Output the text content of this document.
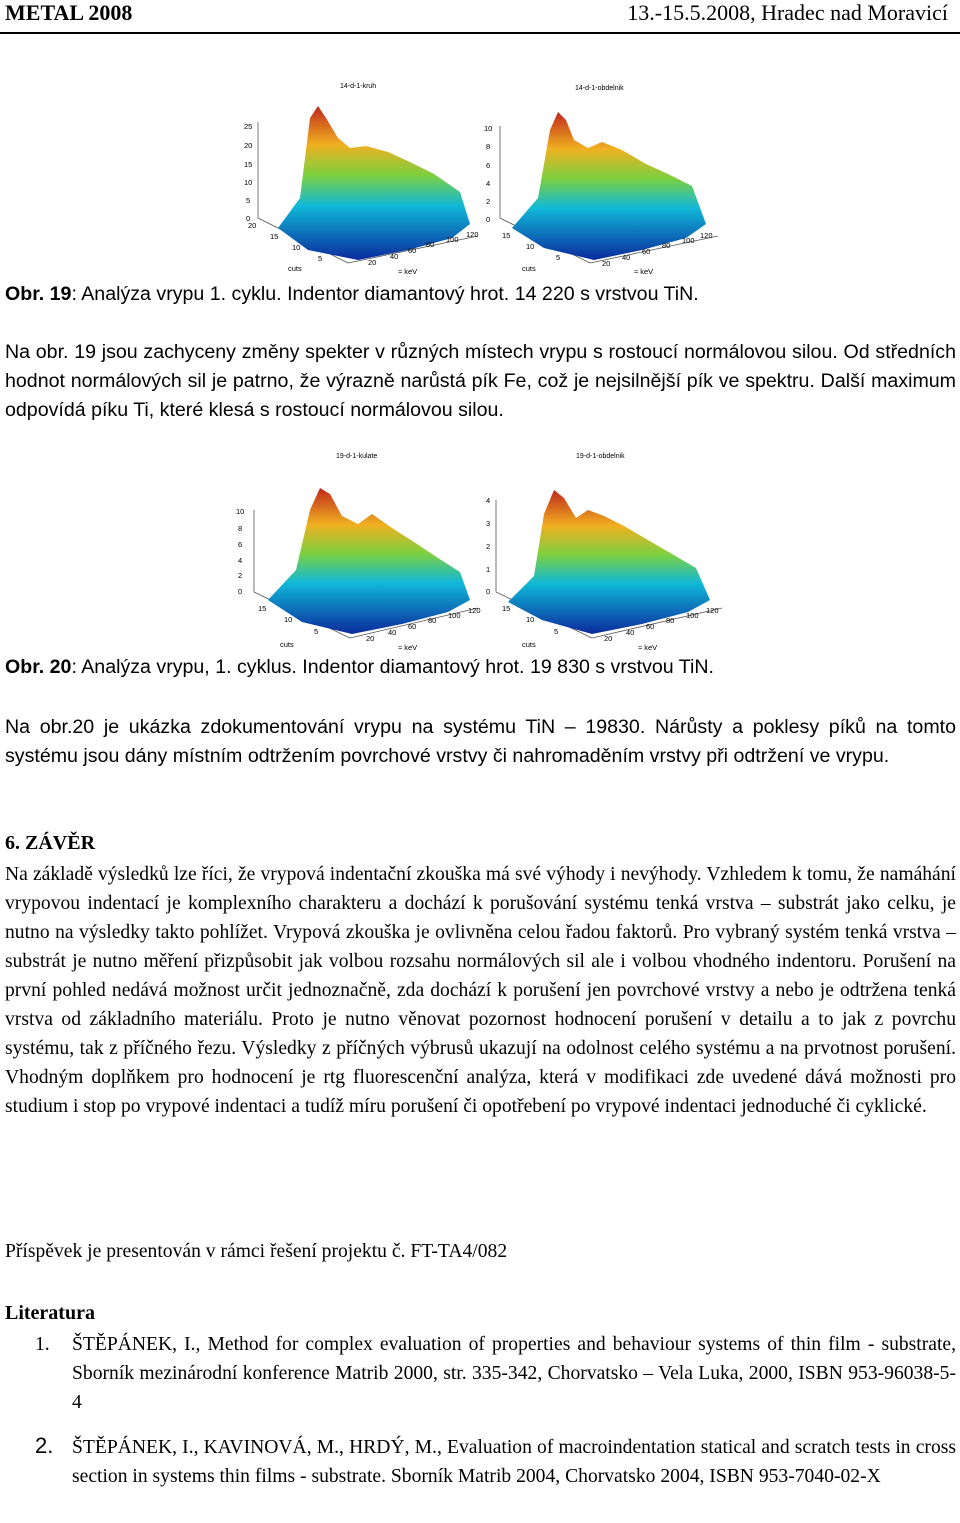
METAL 2008	13.-15.5.2008, Hradec nad Moravicí
14-d-1-kruh
25
20
15
10
5
0
20
15
10
5	20
40
60
80
100
120
cuts	≈ keV
14-d-1-obdelnik
10
8
6
4
2
0
15
10
5
20
40
60
80
100
120
cuts	≈ keV
Obr. 19: Analýza vrypu 1. cyklu. Indentor diamantový hrot. 14 220 s vrstvou TiN.
Na obr. 19 jsou zachyceny změny spekter v různých místech vrypu s rostoucí normálovou silou. Od středních hodnot normálových sil je patrno, že výrazně narůstá pík Fe, což je nejsilnější pík ve spektru. Další maximum odpovídá píku Ti, které klesá s rostoucí normálovou silou.
19-d-1-kulate
10
8
6
4
2
0
15
10
5
20
40
60
80
100
120
cuts	≈ keV
19-d-1-obdelnik
4
3
2
1
0
15
10
5
20
40
60
80
100
120
cuts	≈ keV
Obr. 20: Analýza vrypu, 1. cyklus. Indentor diamantový hrot. 19 830 s vrstvou TiN.
Na obr.20 je ukázka zdokumentování vrypu na systému TiN – 19830. Nárůsty a poklesy píků na tomto systému jsou dány místním odtržením povrchové vrstvy či nahromaděním vrstvy při odtržení ve vrypu.
6. ZÁVĚR
Na základě výsledků lze říci, že vrypová indentační zkouška má své výhody i nevýhody. Vzhledem k tomu, že namáhání vrypovou indentací je komplexního charakteru a dochází k porušování systému tenká vrstva – substrát jako celku, je nutno na výsledky takto pohlížet. Vrypová zkouška je ovlivněna celou řadou faktorů. Pro vybraný systém tenká vrstva – substrát je nutno měření přizpůsobit jak volbou rozsahu normálových sil ale i volbou vhodného indentoru. Porušení na první pohled nedává možnost určit jednoznačně, zda dochází k porušení jen povrchové vrstvy a nebo je odtržena tenká vrstva od základního materiálu. Proto je nutno věnovat pozornost hodnocení porušení v detailu a to jak z povrchu systému, tak z příčného řezu. Výsledky z příčných výbrusů ukazují na odolnost celého systému a na prvotnost porušení. Vhodným doplňkem pro hodnocení je rtg fluorescenční analýza, která v modifikaci zde uvedené dává možnosti pro studium i stop po vrypové indentaci a tudíž míru porušení či opotřebení po vrypové indentaci jednoduché či cyklické.
Příspěvek je presentován v rámci řešení projektu č. FT-TA4/082
Literatura
1.	ŠTĚPÁNEK, I., Method for complex evaluation of properties and behaviour systems of thin film - substrate, Sborník mezinárodní konference Matrib 2000, str. 335-342, Chorvatsko – Vela Luka, 2000, ISBN 953-96038-5-4
2. ŠTĚPÁNEK, I., KAVINOVÁ, M., HRDÝ, M., Evaluation of macroindentation statical and scratch tests in cross section in systems thin films - substrate. Sborník Matrib 2004, Chorvatsko 2004, ISBN 953-7040-02-X
